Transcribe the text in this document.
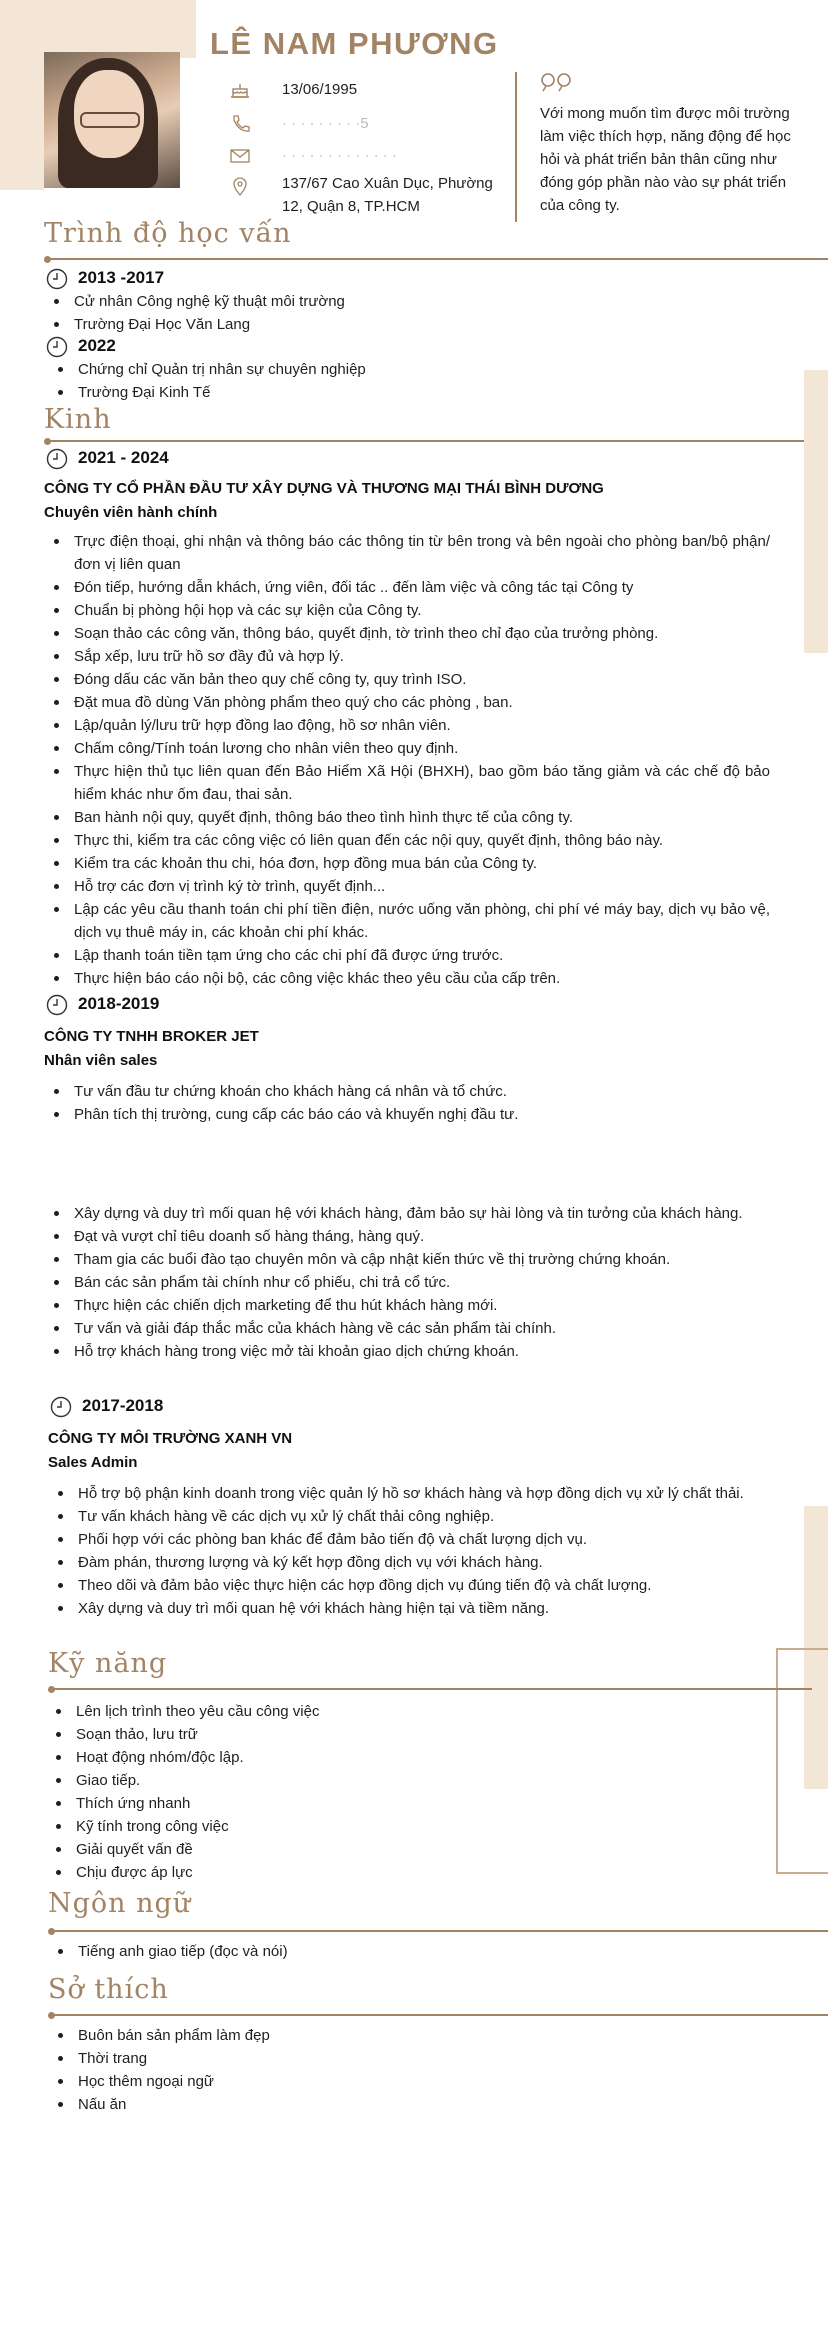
LÊ NAM PHƯƠNG
13/06/1995
· · · · · · · · ·5
· · · · · · · · · · · · ·
137/67 Cao Xuân Dục, Phường 12, Quận 8, TP.HCM
Với mong muốn tìm được môi trường làm việc thích hợp, năng động để học hỏi và phát triển bản thân cũng như đóng góp phần nào vào sự phát triển của công ty.
Trình độ học vấn
2013 -2017
Cử nhân Công nghệ kỹ thuật môi trường
Trường Đại Học Văn Lang
2022
Chứng chỉ Quản trị nhân sự chuyên nghiệp
Trường Đại Kinh Tế
Kinh
2021 - 2024
CÔNG TY CỔ PHẦN ĐẦU TƯ XÂY DỰNG VÀ THƯƠNG MẠI THÁI BÌNH DƯƠNG
Chuyên viên hành chính
Trực điện thoại, ghi nhận và thông báo các thông tin từ bên trong và bên ngoài cho phòng ban/bộ phận/ đơn vị liên quan
Đón tiếp, hướng dẫn khách, ứng viên, đối tác .. đến làm việc và công tác tại Công ty
Chuẩn bị phòng hội họp và các sự kiện của Công ty.
Soạn thảo các công văn, thông báo, quyết định, tờ trình theo chỉ đạo của trưởng phòng.
Sắp xếp, lưu trữ hồ sơ đầy đủ và hợp lý.
Đóng dấu các văn bản theo quy chế công ty, quy trình ISO.
Đặt mua đồ dùng Văn phòng phẩm theo quý cho các phòng , ban.
Lập/quản lý/lưu trữ hợp đồng lao động, hồ sơ nhân viên.
Chấm công/Tính toán lương cho nhân viên theo quy định.
Thực hiện thủ tục liên quan đến Bảo Hiểm Xã Hội (BHXH), bao gồm báo tăng giảm và các chế độ bảo hiểm khác như ốm đau, thai sản.
Ban hành nội quy, quyết định, thông báo theo tình hình thực tế của công ty.
Thực thi, kiểm tra các công việc có liên quan đến các nội quy, quyết định, thông báo này.
Kiểm tra các khoản thu chi, hóa đơn, hợp đồng mua bán của Công ty.
Hỗ trợ các đơn vị trình ký tờ trình, quyết định...
Lập các yêu cầu thanh toán chi phí tiền điện, nước uống văn phòng, chi phí vé máy bay, dịch vụ bảo vệ, dịch vụ thuê máy in, các khoản chi phí khác.
Lập thanh toán tiền tạm ứng cho các chi phí đã được ứng trước.
Thực hiện báo cáo nội bộ, các công việc khác theo yêu cầu của cấp trên.
2018-2019
CÔNG TY TNHH BROKER JET
Nhân viên sales
Tư vấn đầu tư chứng khoán cho khách hàng cá nhân và tổ chức.
Phân tích thị trường, cung cấp các báo cáo và khuyến nghị đầu tư.
Xây dựng và duy trì mối quan hệ với khách hàng, đảm bảo sự hài lòng và tin tưởng của khách hàng.
Đạt và vượt chỉ tiêu doanh số hàng tháng, hàng quý.
Tham gia các buổi đào tạo chuyên môn và cập nhật kiến thức về thị trường chứng khoán.
Bán các sản phẩm tài chính như cổ phiếu, chi trả cổ tức.
Thực hiện các chiến dịch marketing để thu hút khách hàng mới.
Tư vấn và giải đáp thắc mắc của khách hàng về các sản phẩm tài chính.
Hỗ trợ khách hàng trong việc mở tài khoản giao dịch chứng khoán.
2017-2018
CÔNG TY MÔI TRƯỜNG XANH VN
Sales Admin
Hỗ trợ bộ phận kinh doanh trong việc quản lý hồ sơ khách hàng và hợp đồng dịch vụ xử lý chất thải.
Tư vấn khách hàng về các dịch vụ xử lý chất thải công nghiệp.
Phối hợp với các phòng ban khác để đảm bảo tiến độ và chất lượng dịch vụ.
Đàm phán, thương lượng và ký kết hợp đồng dịch vụ với khách hàng.
Theo dõi và đảm bảo việc thực hiện các hợp đồng dịch vụ đúng tiến độ và chất lượng.
Xây dựng và duy trì mối quan hệ với khách hàng hiện tại và tiềm năng.
Kỹ năng
Lên lịch trình theo yêu cầu công việc
Soạn thảo, lưu trữ
Hoạt động nhóm/độc lập.
Giao tiếp.
Thích ứng nhanh
Kỹ tính trong công việc
Giải quyết vấn đề
Chịu được áp lực
Ngôn ngữ
Tiếng anh giao tiếp (đọc và nói)
Sở thích
Buôn bán sản phẩm làm đẹp
Thời trang
Học thêm ngoại ngữ
Nấu ăn
